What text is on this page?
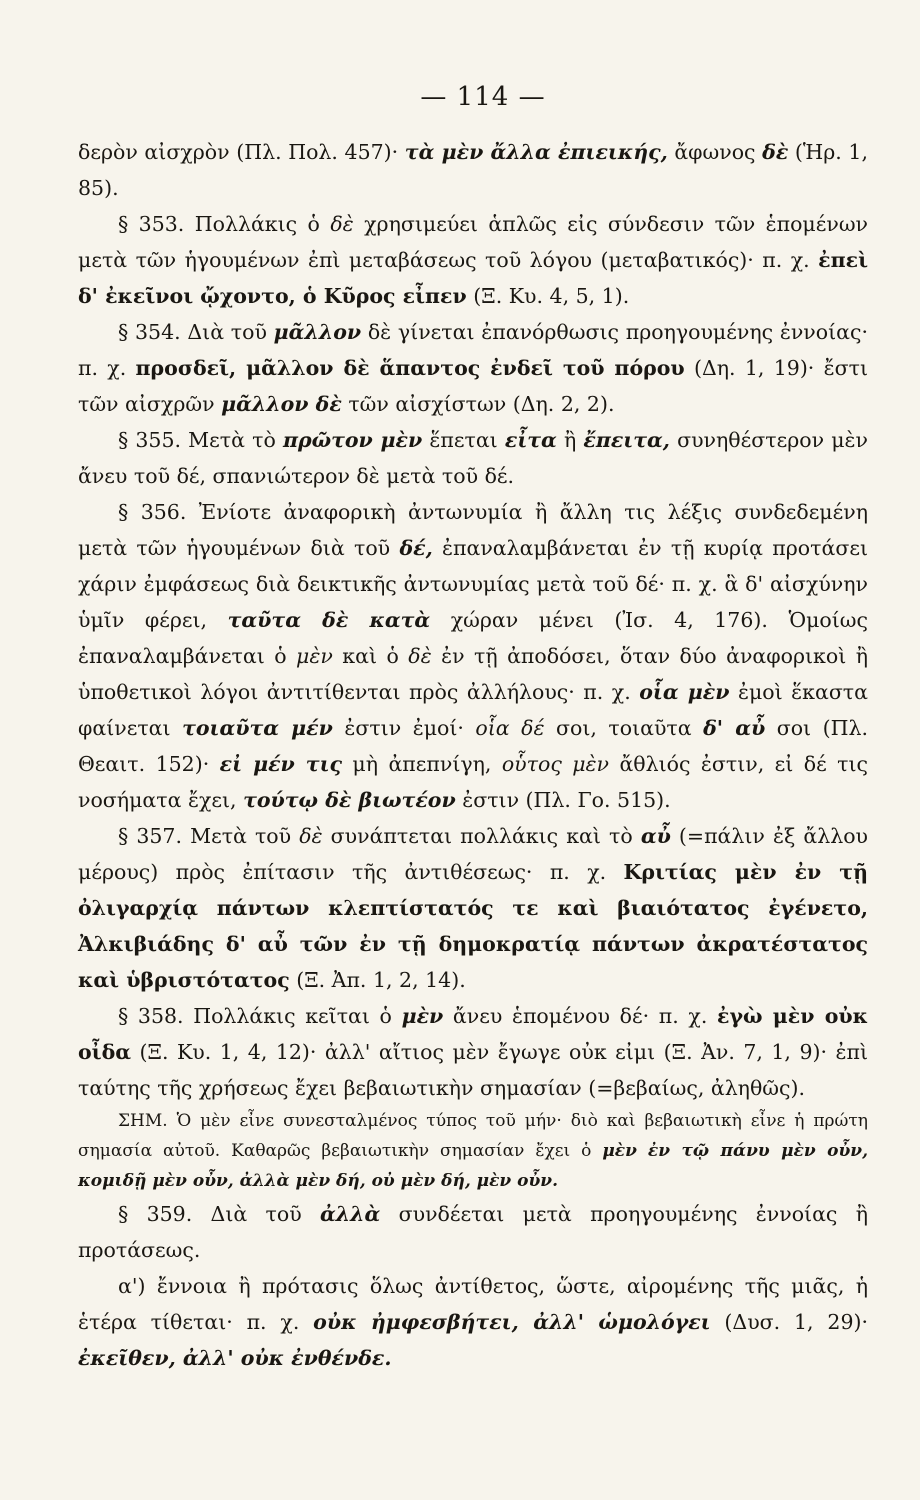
— 114 —

δερὸν αἰσχρὸν (Πλ. Πολ. 457)· τὰ μὲν ἄλλα ἐπιεικής, ἄφωνος δὲ (Ἡρ. 1, 85).

§ 353. Πολλάκις ὁ δὲ χρησιμεύει ἁπλῶς εἰς σύνδεσιν τῶν ἑπομένων μετὰ τῶν ἡγουμένων ἐπὶ μεταβάσεως τοῦ λόγου (μεταβατικός)· π. χ. ἐπεὶ δ' ἐκεῖνοι ᾤχοντο, ὁ Κῦρος εἶπεν (Ξ. Κυ. 4, 5, 1).

§ 354. Διὰ τοῦ μᾶλλον δὲ γίνεται ἐπανόρθωσις προηγουμένης ἐννοίας· π. χ. προσδεῖ, μᾶλλον δὲ ἅπαντος ἐνδεῖ τοῦ πόρου (Δη. 1, 19)· ἔστι τῶν αἰσχρῶν μᾶλλον δὲ τῶν αἰσχίστων (Δη. 2, 2).

§ 355. Μετὰ τὸ πρῶτον μὲν ἕπεται εἶτα ἢ ἔπειτα, συνηθέστερον μὲν ἄνευ τοῦ δέ, σπανιώτερον δὲ μετὰ τοῦ δέ.

§ 356. Ἐνίοτε ἀναφορικὴ ἀντωνυμία ἢ ἄλλη τις λέξις συνδεδεμένη μετὰ τῶν ἡγουμένων διὰ τοῦ δέ, ἐπαναλαμβάνεται ἐν τῇ κυρίᾳ προτάσει χάριν ἐμφάσεως διὰ δεικτικῆς ἀντωνυμίας μετὰ τοῦ δέ· π. χ. ἃ δ' αἰσχύνην ὑμῖν φέρει, ταῦτα δὲ κατὰ χώραν μένει (Ἰσ. 4, 176). Ὁμοίως ἐπαναλαμβάνεται ὁ μὲν καὶ ὁ δὲ ἐν τῇ ἀποδόσει, ὅταν δύο ἀναφορικοὶ ἢ ὑποθετικοὶ λόγοι ἀντιτίθενται πρὸς ἀλλήλους· π. χ. οἷα μὲν ἐμοὶ ἕκαστα φαίνεται τοιαῦτα μέν ἐστιν ἐμοί· οἷα δέ σοι, τοιαῦτα δ' αὖ σοι (Πλ. Θεαιτ. 152)· εἰ μέν τις μὴ ἀπεπνίγη, οὗτος μὲν ἄθλιός ἐστιν, εἰ δέ τις νοσήματα ἔχει, τούτῳ δὲ βιωτέον ἐστιν (Πλ. Γο. 515).

§ 357. Μετὰ τοῦ δὲ συνάπτεται πολλάκις καὶ τὸ αὖ (=πάλιν ἐξ ἄλλου μέρους) πρὸς ἐπίτασιν τῆς ἀντιθέσεως· π. χ. Κριτίας μὲν ἐν τῇ ὀλιγαρχίᾳ πάντων κλεπτίστατός τε καὶ βιαιότατος ἐγένετο, Ἀλκιβιάδης δ' αὖ τῶν ἐν τῇ δημοκρατίᾳ πάντων ἀκρατέστατος καὶ ὑβριστότατος (Ξ. Ἀπ. 1, 2, 14).

§ 358. Πολλάκις κεῖται ὁ μὲν ἄνευ ἑπομένου δέ· π. χ. ἐγὼ μὲν οὐκ οἶδα (Ξ. Κυ. 1, 4, 12)· ἀλλ' αἴτιος μὲν ἔγωγε οὐκ εἰμι (Ξ. Ἀν. 7, 1, 9)· ἐπὶ ταύτης τῆς χρήσεως ἔχει βεβαιωτικὴν σημασίαν (=βεβαίως, ἀληθῶς).

ΣΗΜ. Ὁ μὲν εἶνε συνεσταλμένος τύπος τοῦ μήν· διὸ καὶ βεβαιωτικὴ εἶνε ἡ πρώτη σημασία αὐτοῦ. Καθαρῶς βεβαιωτικὴν σημασίαν ἔχει ὁ μὲν ἐν τῷ πάνυ μὲν οὖν, κομιδῇ μὲν οὖν, ἀλλὰ μὲν δή, οὐ μὲν δή, μὲν οὖν.

§ 359. Διὰ τοῦ ἀλλὰ συνδέεται μετὰ προηγουμένης ἐννοίας ἢ προτάσεως.

α') ἔννοια ἢ πρότασις ὅλως ἀντίθετος, ὥστε, αἰρομένης τῆς μιᾶς, ἡ ἑτέρα τίθεται· π. χ. οὐκ ἠμφεσβήτει, ἀλλ' ὡμολόγει (Δυσ. 1, 29)· ἐκεῖθεν, ἀλλ' οὐκ ἐνθένδε.
